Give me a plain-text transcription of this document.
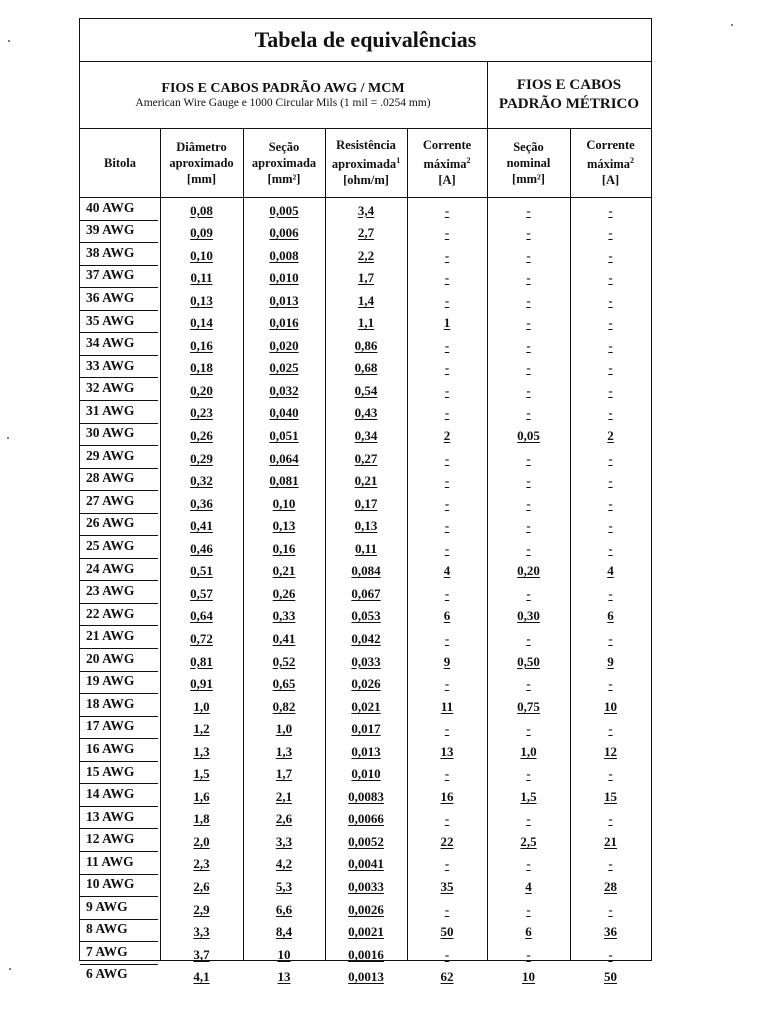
Tabela de equivalências
FIOS E CABOS PADRÃO AWG / MCM
American Wire Gauge e 1000 Circular Mils (1 mil = .0254 mm)
FIOS E CABOS
PADRÃO MÉTRICO
Bitola
Diâmetro
aproximado
[mm]
Seção
aproximada
[mm²]
Resistência
aproximada$^1$
[ohm/m]
Corrente
máxima$^2$
[A]
Seção
nominal
[mm²]
Corrente
máxima$^2$
[A]
40 AWG	0,08	0,005	3,4	-	-	-
39 AWG	0,09	0,006	2,7	-	-	-
38 AWG	0,10	0,008	2,2	-	-	-
37 AWG	0,11	0,010	1,7	-	-	-
36 AWG	0,13	0,013	1,4	-	-	-
35 AWG	0,14	0,016	1,1	1	-	-
34 AWG	0,16	0,020	0,86	-	-	-
33 AWG	0,18	0,025	0,68	-	-	-
32 AWG	0,20	0,032	0,54	-	-	-
31 AWG	0,23	0,040	0,43	-	-	-
30 AWG	0,26	0,051	0,34	2	0,05	2
29 AWG	0,29	0,064	0,27	-	-	-
28 AWG	0,32	0,081	0,21	-	-	-
27 AWG	0,36	0,10	0,17	-	-	-
26 AWG	0,41	0,13	0,13	-	-	-
25 AWG	0,46	0,16	0,11	-	-	-
24 AWG	0,51	0,21	0,084	4	0,20	4
23 AWG	0,57	0,26	0,067	-	-	-
22 AWG	0,64	0,33	0,053	6	0,30	6
21 AWG	0,72	0,41	0,042	-	-	-
20 AWG	0,81	0,52	0,033	9	0,50	9
19 AWG	0,91	0,65	0,026	-	-	-
18 AWG	1,0	0,82	0,021	11	0,75	10
17 AWG	1,2	1,0	0,017	-	-	-
16 AWG	1,3	1,3	0,013	13	1,0	12
15 AWG	1,5	1,7	0,010	-	-	-
14 AWG	1,6	2,1	0,0083	16	1,5	15
13 AWG	1,8	2,6	0,0066	-	-	-
12 AWG	2,0	3,3	0,0052	22	2,5	21
11 AWG	2,3	4,2	0,0041	-	-	-
10 AWG	2,6	5,3	0,0033	35	4	28
9 AWG	2,9	6,6	0,0026	-	-	-
8 AWG	3,3	8,4	0,0021	50	6	36
7 AWG	3,7	10	0,0016	-	-	-
6 AWG	4,1	13	0,0013	62	10	50
